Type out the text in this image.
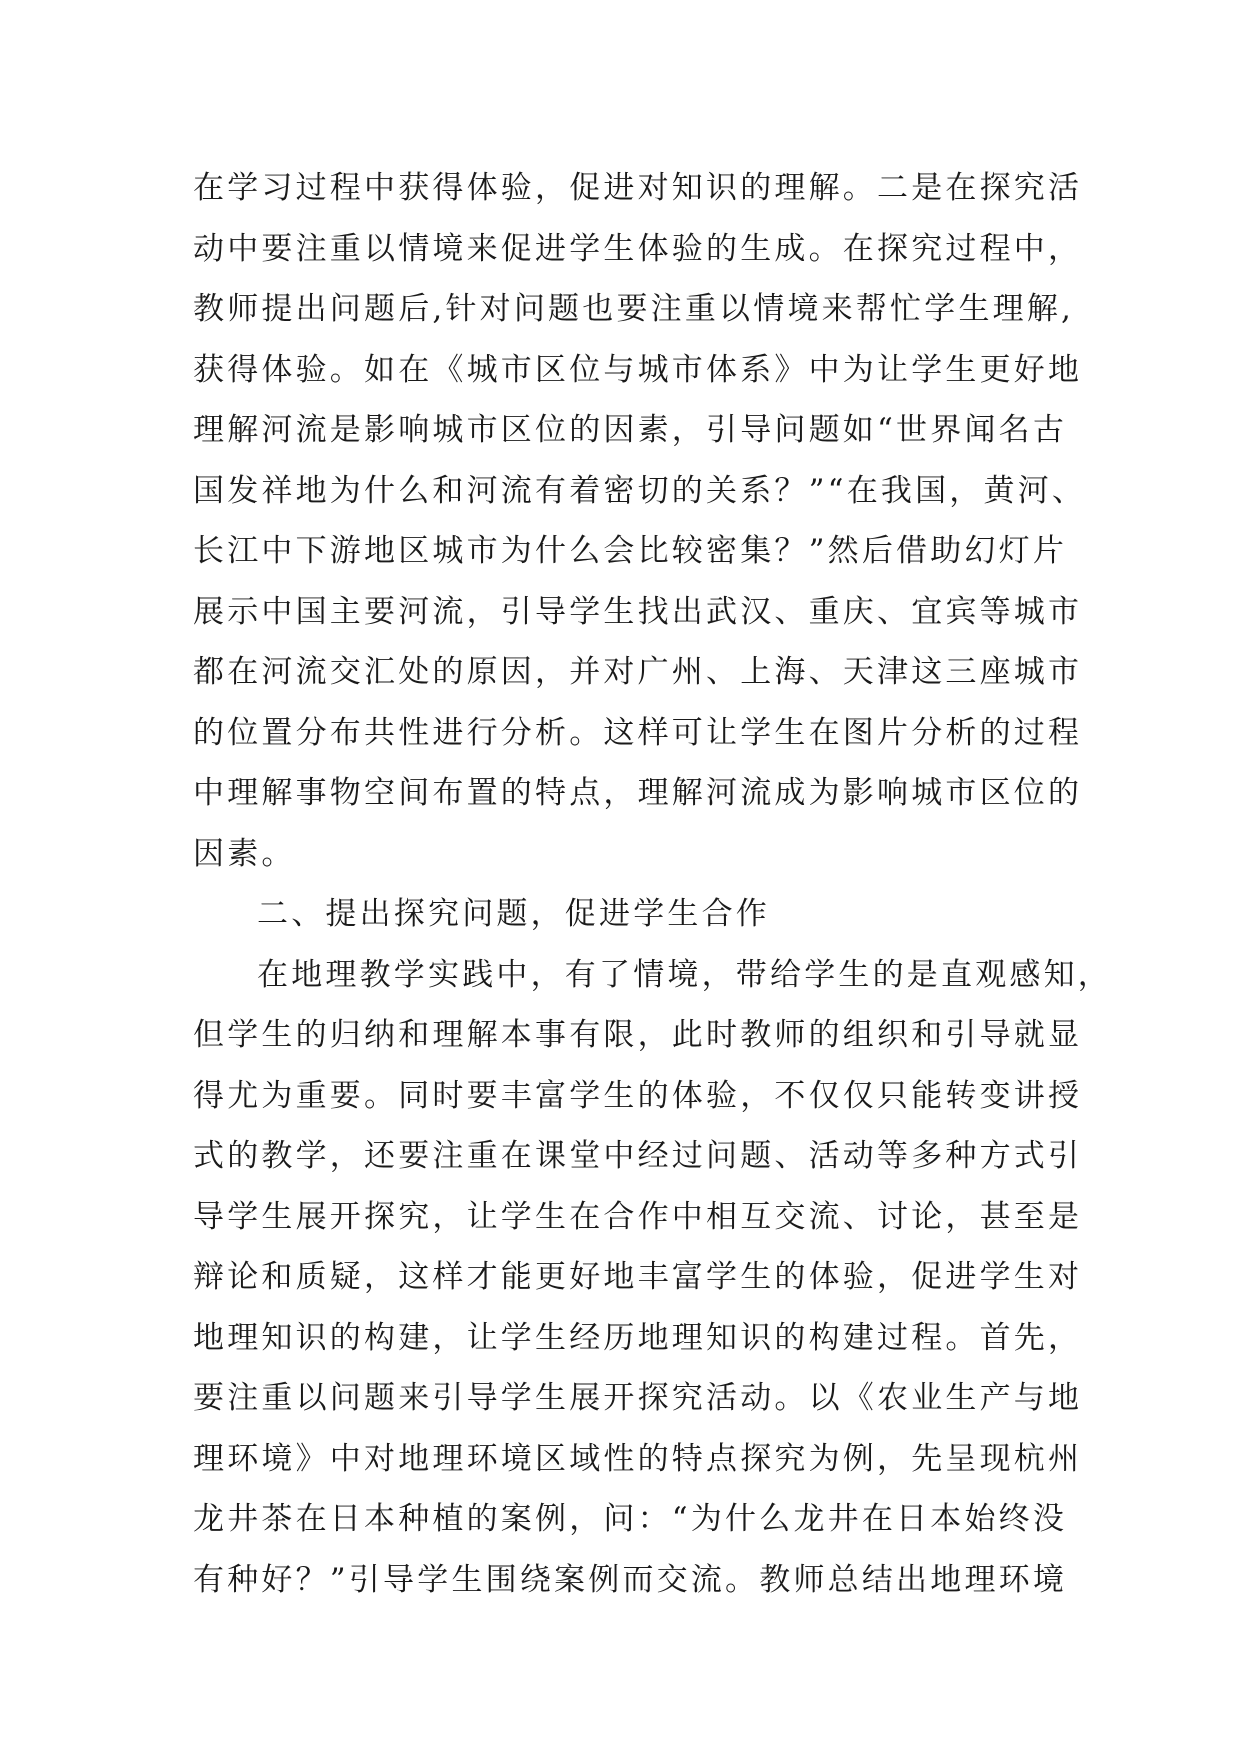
在学习过程中获得体验，促进对知识的理解。二是在探究活
动中要注重以情境来促进学生体验的生成。在探究过程中，
教师提出问题后,针对问题也要注重以情境来帮忙学生理解,
获得体验。如在《城市区位与城市体系》中为让学生更好地
理解河流是影响城市区位的因素，引导问题如“世界闻名古
国发祥地为什么和河流有着密切的关系？”“在我国，黄河、
长江中下游地区城市为什么会比较密集？”然后借助幻灯片
展示中国主要河流，引导学生找出武汉、重庆、宜宾等城市
都在河流交汇处的原因，并对广州、上海、天津这三座城市
的位置分布共性进行分析。这样可让学生在图片分析的过程
中理解事物空间布置的特点，理解河流成为影响城市区位的
因素。
二、提出探究问题，促进学生合作
在地理教学实践中，有了情境，带给学生的是直观感知，
但学生的归纳和理解本事有限，此时教师的组织和引导就显
得尤为重要。同时要丰富学生的体验，不仅仅只能转变讲授
式的教学，还要注重在课堂中经过问题、活动等多种方式引
导学生展开探究，让学生在合作中相互交流、讨论，甚至是
辩论和质疑，这样才能更好地丰富学生的体验，促进学生对
地理知识的构建，让学生经历地理知识的构建过程。首先，
要注重以问题来引导学生展开探究活动。以《农业生产与地
理环境》中对地理环境区域性的特点探究为例，先呈现杭州
龙井茶在日本种植的案例，问：“为什么龙井在日本始终没
有种好？”引导学生围绕案例而交流。教师总结出地理环境
